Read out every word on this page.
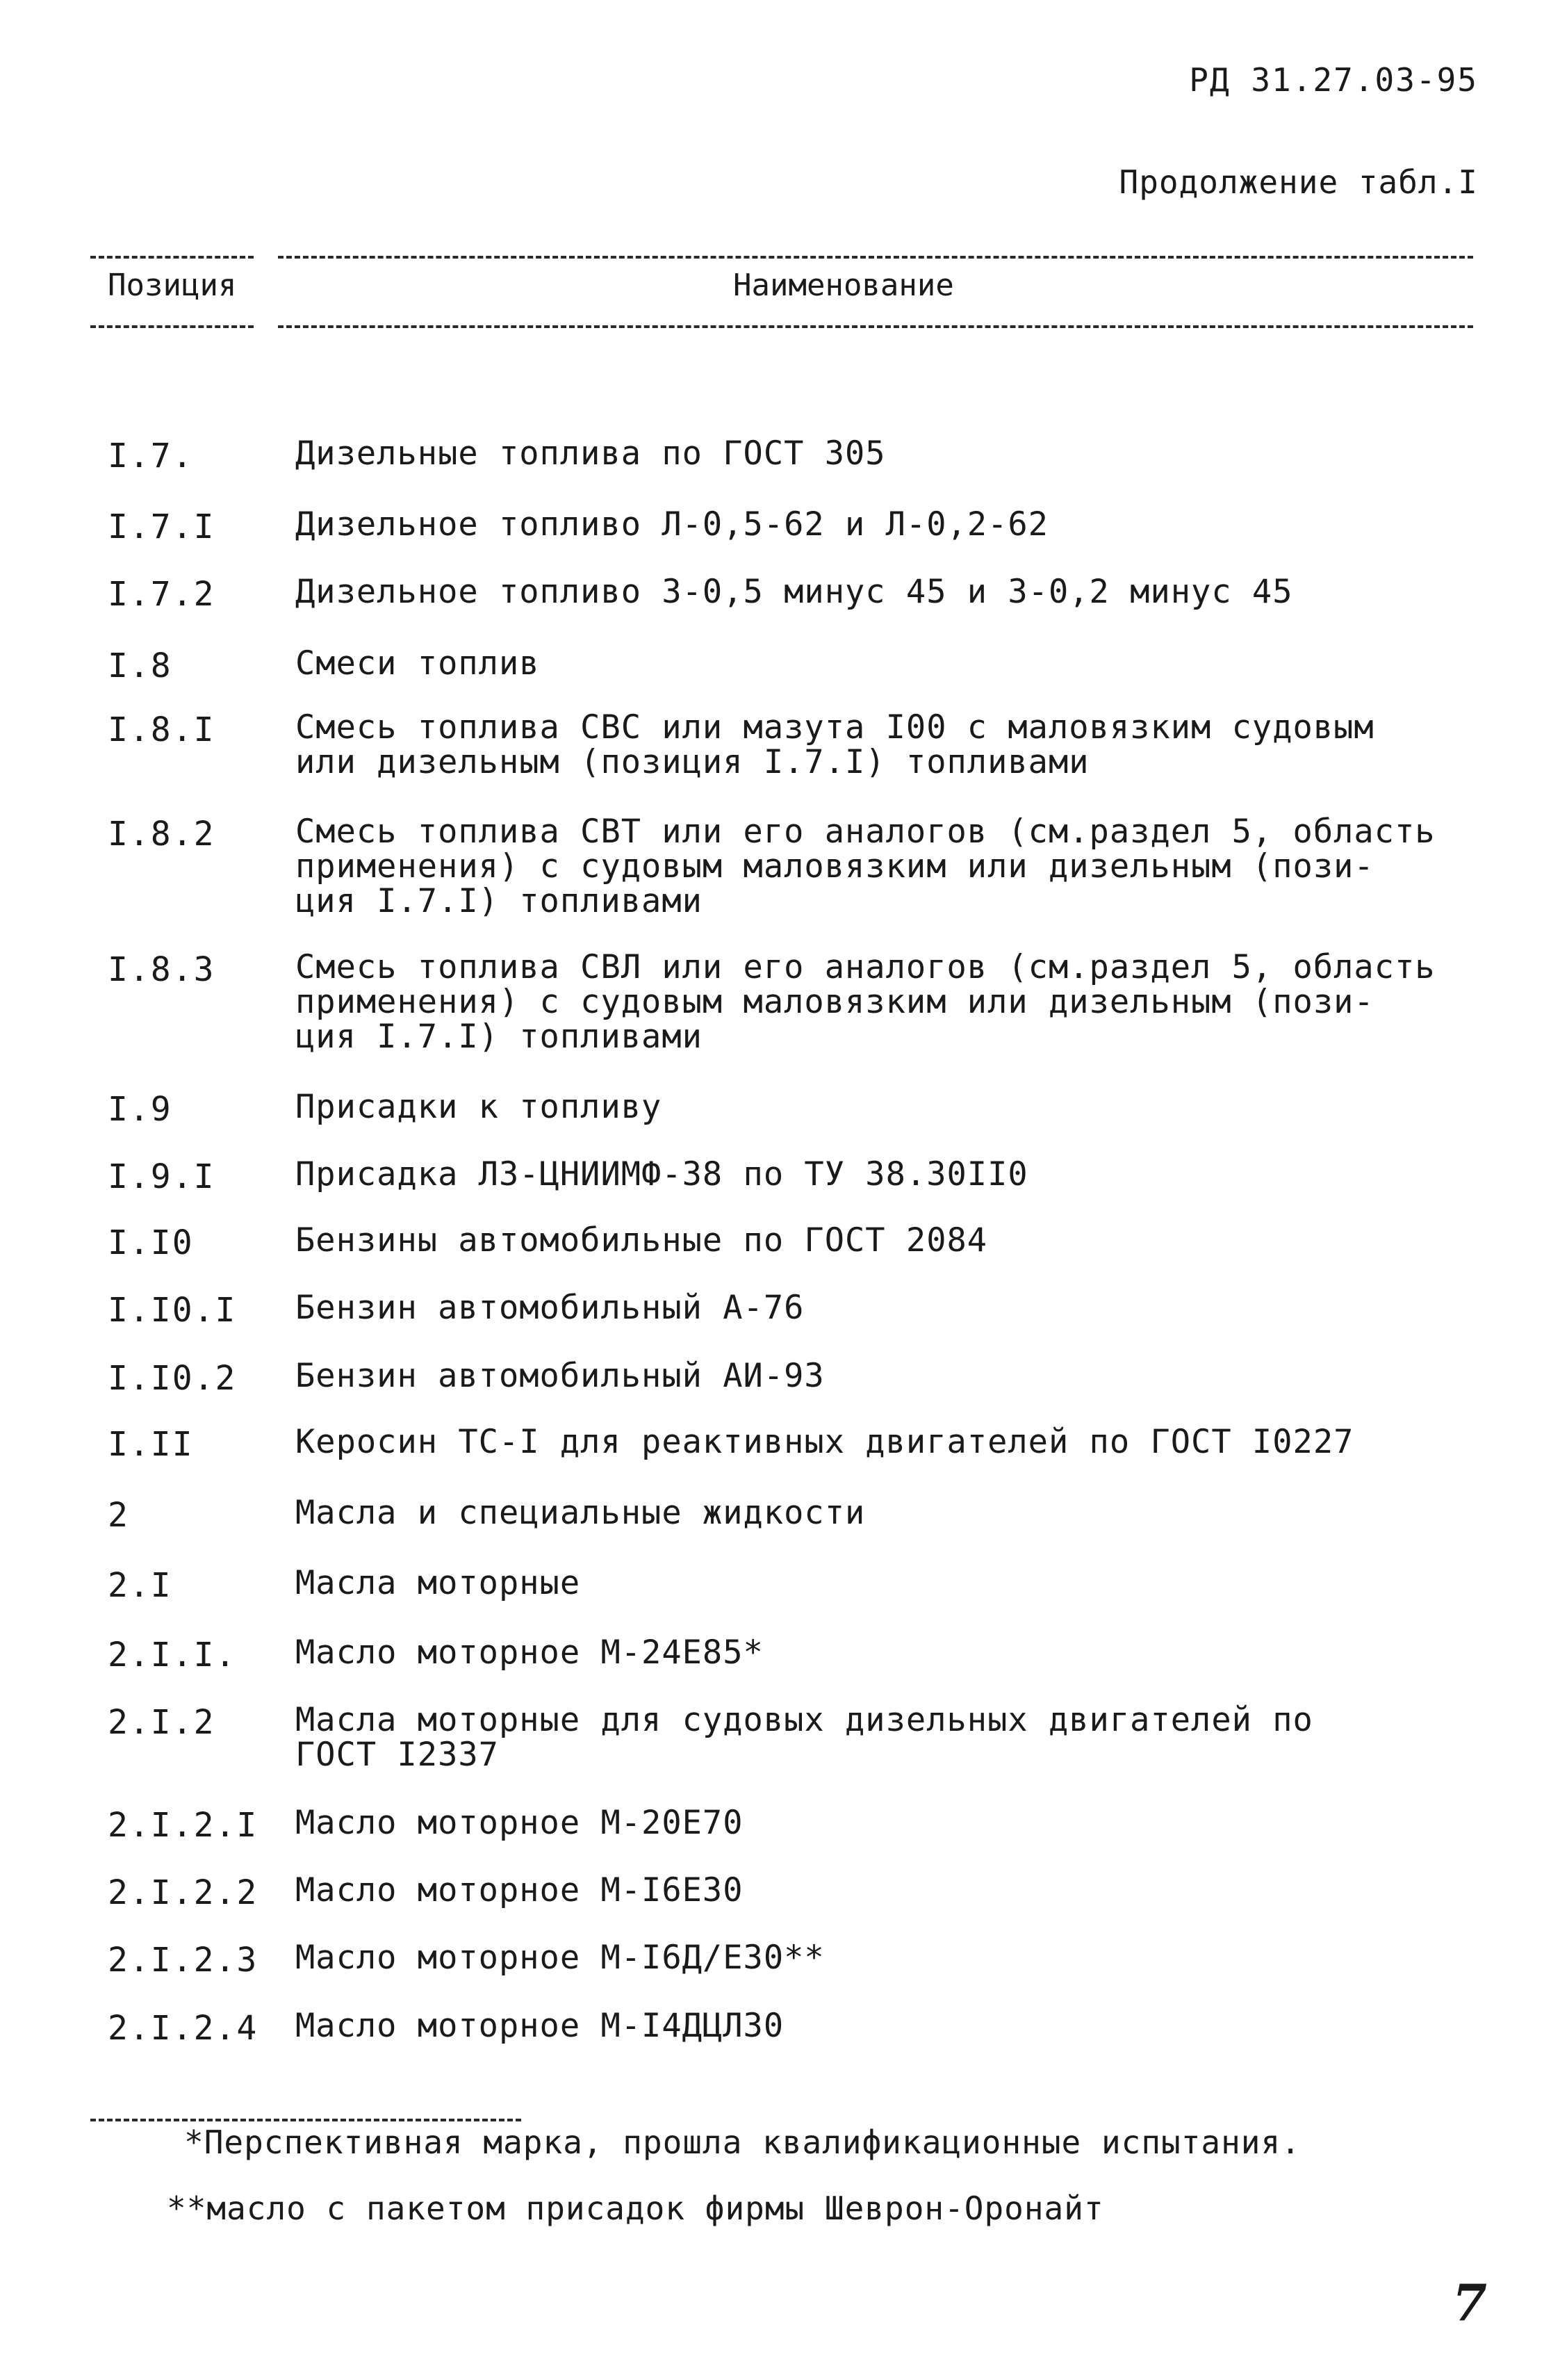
РД 31.27.03-95
Продолжение табл.I
Позиция	Наименование
I.7.	Дизельные топлива по ГОСТ 305
I.7.I Дизельное топливо Л-0,5-62 и Л-0,2-62
I.7.2 Дизельное топливо 3-0,5 минус 45 и 3-0,2 минус 45
I.8	Смеси топлив
I.8.I Смесь топлива СВС или мазута I00 с маловязким судовым
или дизельным (позиция I.7.I) топливами
I.8.2 Смесь топлива СВТ или его аналогов (см.раздел 5, область
применения) с судовым маловязким или дизельным (пози-
ция I.7.I) топливами
I.8.3 Смесь топлива СВЛ или его аналогов (см.раздел 5, область
применения) с судовым маловязким или дизельным (пози-
ция I.7.I) топливами
I.9	Присадки к топливу
I.9.I Присадка ЛЗ-ЦНИИМФ-38 по ТУ 38.30II0
I.I0	Бензины автомобильные по ГОСТ 2084
I.I0.I Бензин автомобильный А-76
I.I0.2 Бензин автомобильный АИ-93
I.II	Керосин ТС-I для реактивных двигателей по ГОСТ I0227
2	Масла и специальные жидкости
2.I	Масла моторные
2.I.I. Масло моторное М-24Е85*
2.I.2 Масла моторные для судовых дизельных двигателей по
ГОСТ I2337
2.I.2.I Масло моторное М-20Е70
2.I.2.2 Масло моторное М-I6Е30
2.I.2.3 Масло моторное М-I6Д/Е30**
2.I.2.4 Масло моторное М-I4ДЦЛ30
*Перспективная марка, прошла квалификационные испытания.
**масло с пакетом присадок фирмы Шеврон-Оронайт
7
